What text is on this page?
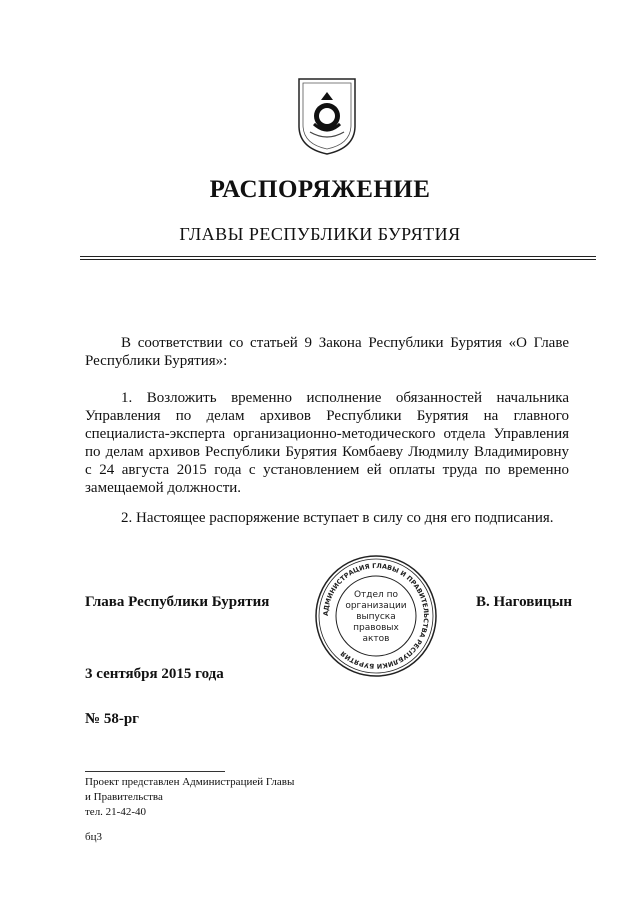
РАСПОРЯЖЕНИЕ
ГЛАВЫ РЕСПУБЛИКИ БУРЯТИЯ

В соответствии со статьей 9 Закона Республики Бурятия «О Главе Республики Бурятия»:

1. Возложить временно исполнение обязанностей начальника Управления по делам архивов Республики Бурятия на главного специалиста-эксперта организационно-методического отдела Управления по делам архивов Республики Бурятия Комбаеву Людмилу Владимировну с 24 августа 2015 года с установлением ей оплаты труда по временно замещаемой должности.

2. Настоящее распоряжение вступает в силу со дня его подписания.

Глава Республики Бурятия
АДМИНИСТРАЦИЯ ГЛАВЫ И ПРАВИТЕЛЬСТВА РЕСПУБЛИКИ БУРЯТИЯ
Отдел по
организации
выпуска
правовых
актов
В. Наговицын
3 сентября 2015 года
№ 58-рг
Проект представлен Администрацией Главы
и Правительства
тел. 21-42-40
бц3
